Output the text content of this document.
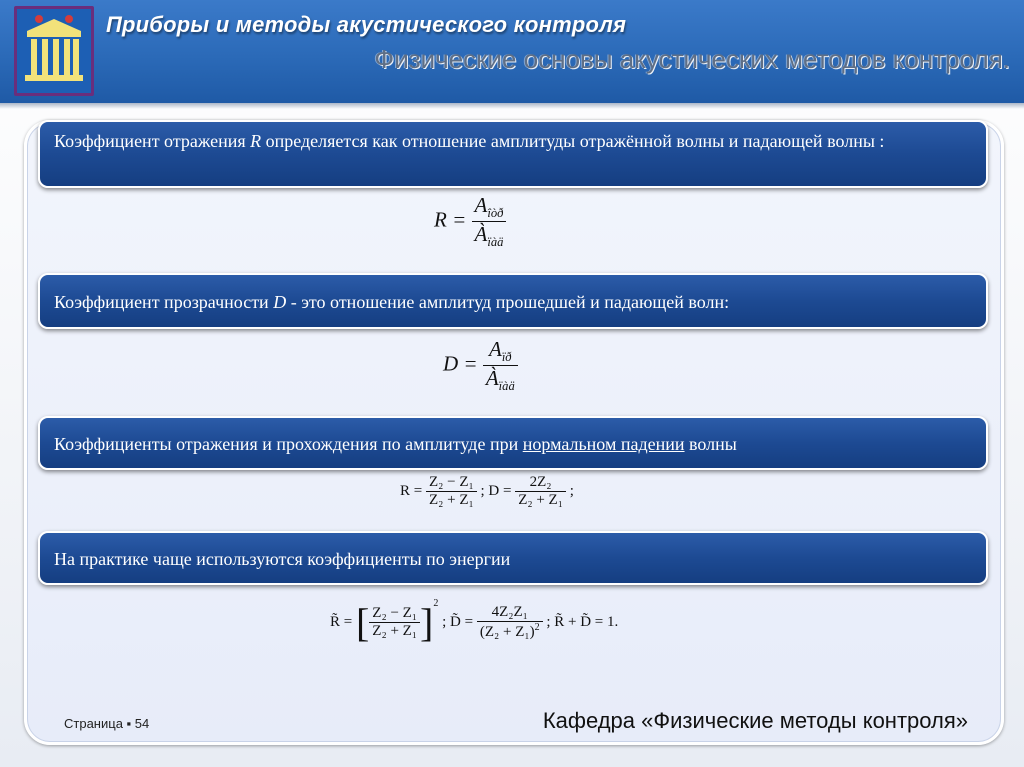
Приборы и методы акустического контроля
Физические основы акустических методов контроля.
Коэффициент отражения R определяется как отношение амплитуды отражённой волны и падающей волны :
$R = \frac{A_{îòð}}{À_{ïàä}}$
Коэффициент прозрачности D - это отношение амплитуд прошедшей и падающей волн:
$D = \frac{A_{ïð}}{À_{ïàä}}$
Коэффициенты отражения и прохождения по амплитуде при нормальном падении волны
$R = \frac{\text{Z₂ − Z₁}}{\text{Z₂ + Z₁}}$ ; $D = \frac{\text{2Z₂}}{\text{Z₂ + Z₁}}$ ;
На практике чаще используются коэффициенты по энергии
R̃ = [ $\frac{\text{Z₂ − Z₁}}{\text{Z₂ + Z₁}} ]^2$ ; D̃ = $\frac{\text{4Z₂Z₁}}{(Z_2 + Z_1)^2}$ ; R̃ + D̃ = 1.
Страница ▪ 54	Кафедра «Физические методы контроля»
